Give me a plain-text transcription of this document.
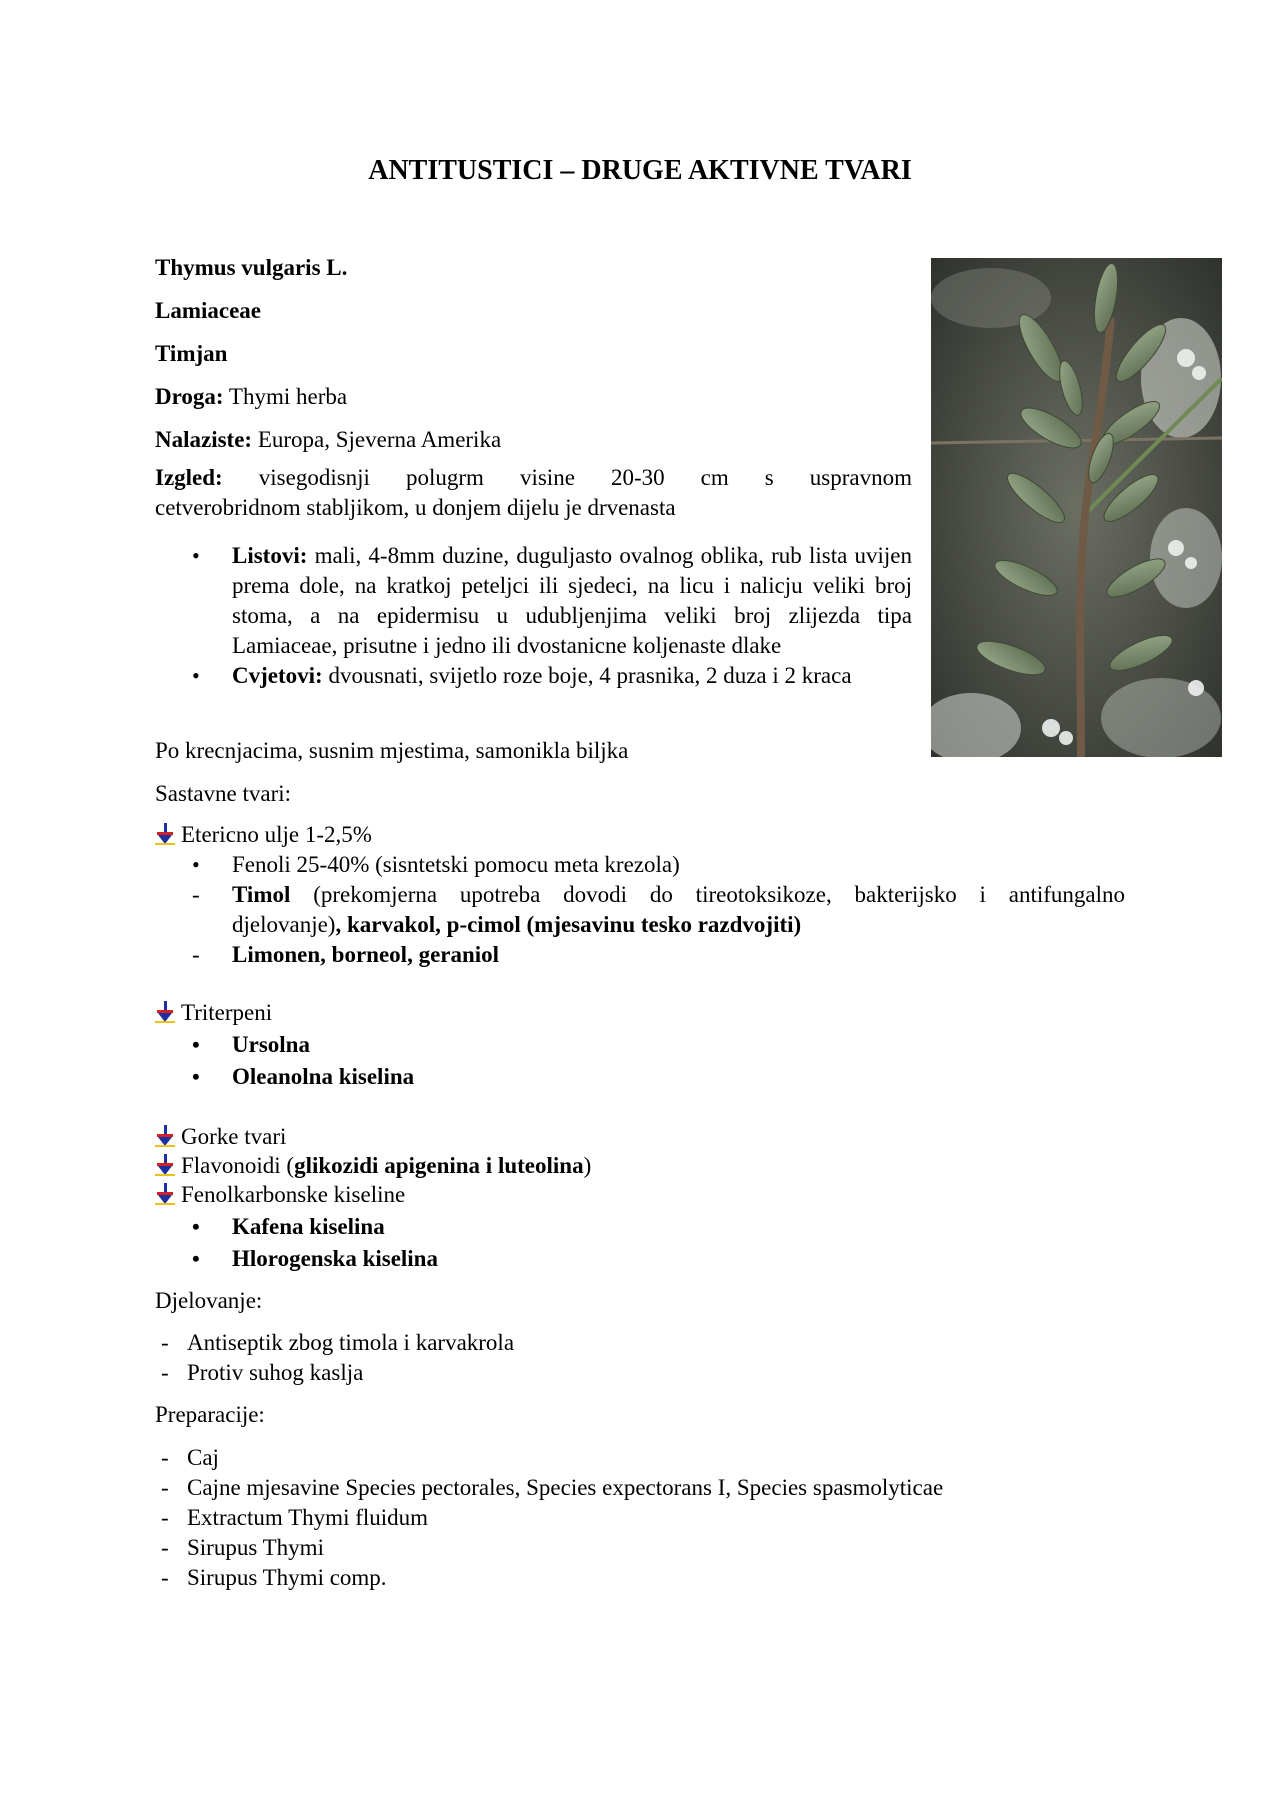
ANTITUSTICI – DRUGE AKTIVNE TVARI
Thymus vulgaris L.
Lamiaceae
Timjan
Droga: Thymi herba
Nalaziste: Europa, Sjeverna Amerika
Izgled: visegodisnji polugrm visine 20-30 cm s uspravnom
cetverobridnom stabljikom, u donjem dijelu je drvenasta
• Listovi: mali, 4-8mm duzine, duguljasto ovalnog oblika, rub lista uvijen prema dole, na kratkoj peteljci ili sjedeci, na licu i nalicju veliki broj stoma, a na epidermisu u udubljenjima veliki broj zlijezda tipa Lamiaceae, prisutne i jedno ili dvostanicne koljenaste dlake
• Cvjetovi: dvousnati, svijetlo roze boje, 4 prasnika, 2 duza i 2 kraca
Po krecnjacima, susnim mjestima, samonikla biljka
Sastavne tvari:
Etericno ulje 1-2,5%
• Fenoli 25-40% (sisntetski pomocu meta krezola)
- Timol (prekomjerna upotreba dovodi do tireotoksikoze, bakterijsko i antifungalno
djelovanje), karvakol, p-cimol (mjesavinu tesko razdvojiti)
-	Limonen, borneol, geraniol
Triterpeni
• Ursolna
• Oleanolna kiselina
Gorke tvari
Flavonoidi (glikozidi apigenina i luteolina)
Fenolkarbonske kiseline
• Kafena kiselina
• Hlorogenska kiselina
Djelovanje:
- Antiseptik zbog timola i karvakrola
- Protiv suhog kaslja
Preparacije:
- Caj
- Cajne mjesavine Species pectorales, Species expectorans I, Species spasmolyticae
- Extractum Thymi fluidum
- Sirupus Thymi
- Sirupus Thymi comp.
